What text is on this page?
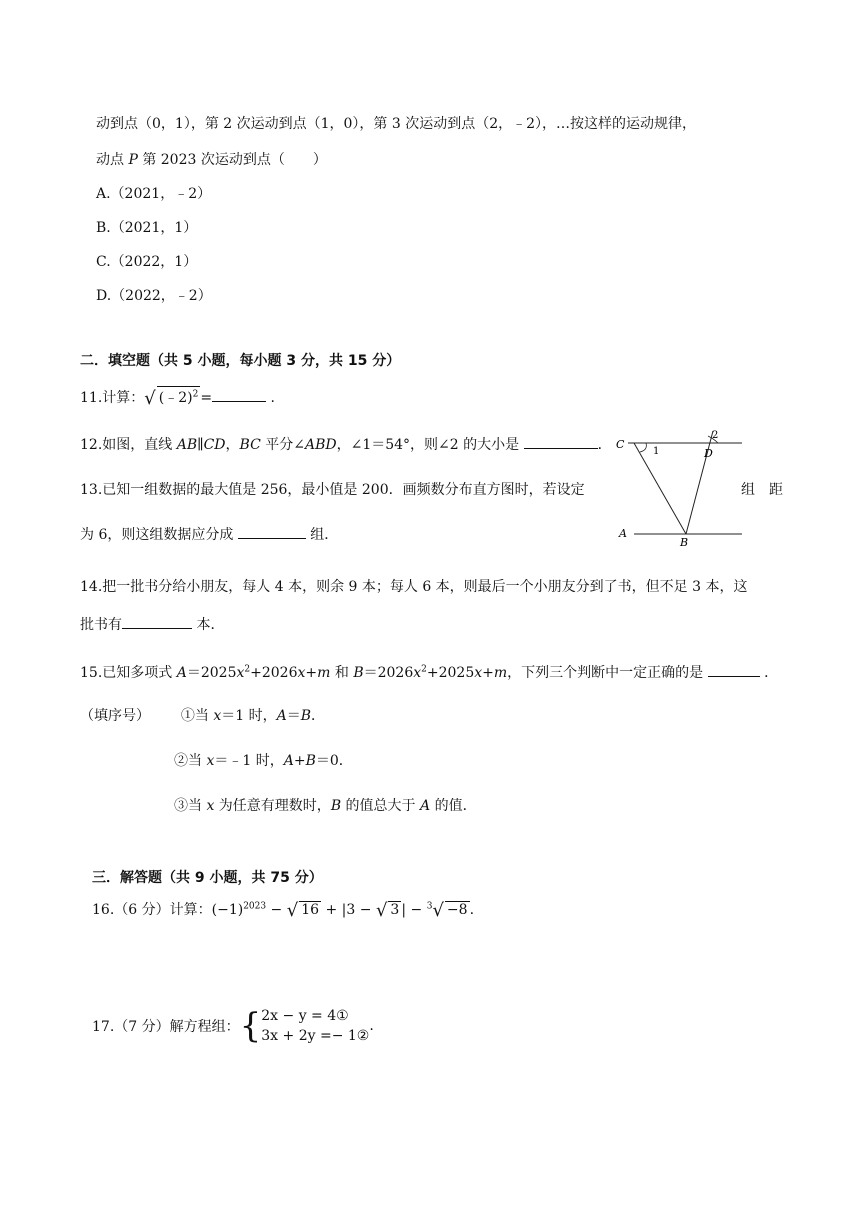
动到点（0，1），第 2 次运动到点（1，0），第 3 次运动到点（2，﹣2），…按这样的运动规律，
动点 P 第 2023 次运动到点（　　）
A.（2021，﹣2）
B.（2021，1）
C.（2022，1）
D.（2022，﹣2）
二．填空题（共 5 小题，每小题 3 分，共 15 分）
11.计算：√ (﹣2)$^2$ =	.
12.如图，直线 AB∥CD，BC 平分∠ABD，∠1＝54°，则∠2 的大小是	．
13.已知一组数据的最大值是 256，最小值是 200．画频数分布直方图时，若设定	组　距
为 6，则这组数据应分成	组．
C
D
A
B
1
2
14.把一批书分给小朋友，每人 4 本，则余 9 本；每人 6 本，则最后一个小朋友分到了书，但不足 3 本，这
批书有	本．
15.已知多项式 $A=2025x^2+2026x+m$ 和 $B=2026x^2+2025x+m$，下列三个判断中一定正确的是	．
（填序号） ①当 x＝1 时，A＝B．
②当 x＝﹣1 时，A+B＝0．
③当 x 为任意有理数时，B 的值总大于 A 的值．
三．解答题（共 9 小题，共 75 分）
16.（6 分）计算：$(-1)^{2023}$ − √ 16 + |3 − √ 3 | − $^3$√ −8 .
17.（7 分）解方程组：{ 2x − y = 4①
3x + 2y =− 1②
.
